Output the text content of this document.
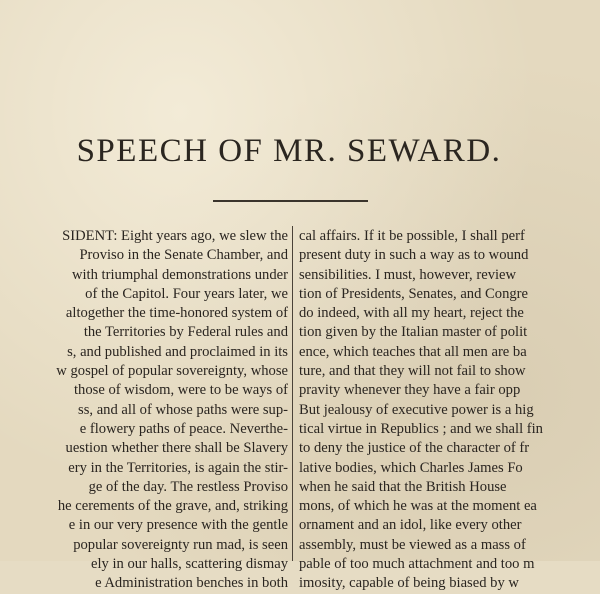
SPEECH OF MR. SEWARD.
SIDENT: Eight years ago, we slew the
Proviso in the Senate Chamber, and
with triumphal demonstrations under
of the Capitol. Four years later, we
altogether the time-honored system of
the Territories by Federal rules and
s, and published and proclaimed in its
w gospel of popular sovereignty, whose
those of wisdom, were to be ways of
ss, and all of whose paths were sup-
e flowery paths of peace. Neverthe-
uestion whether there shall be Slavery
ery in the Territories, is again the stir-
ge of the day. The restless Proviso
he cerements of the grave, and, striking
e in our very presence with the gentle
popular sovereignty run mad, is seen
ely in our halls, scattering dismay
e Administration benches in both
cal affairs. If it be possible, I shall perf
present duty in such a way as to wound
sensibilities. I must, however, review
tion of Presidents, Senates, and Congre
do indeed, with all my heart, reject the
tion given by the Italian master of polit
ence, which teaches that all men are ba
ture, and that they will not fail to show
pravity whenever they have a fair opp
But jealousy of executive power is a hig
tical virtue in Republics ; and we shall fin
to deny the justice of the character of fr
lative bodies, which Charles James Fo
when he said that the British House
mons, of which he was at the moment ea
ornament and an idol, like every other
assembly, must be viewed as a mass of
pable of too much attachment and too m
imosity, capable of being biased by w
